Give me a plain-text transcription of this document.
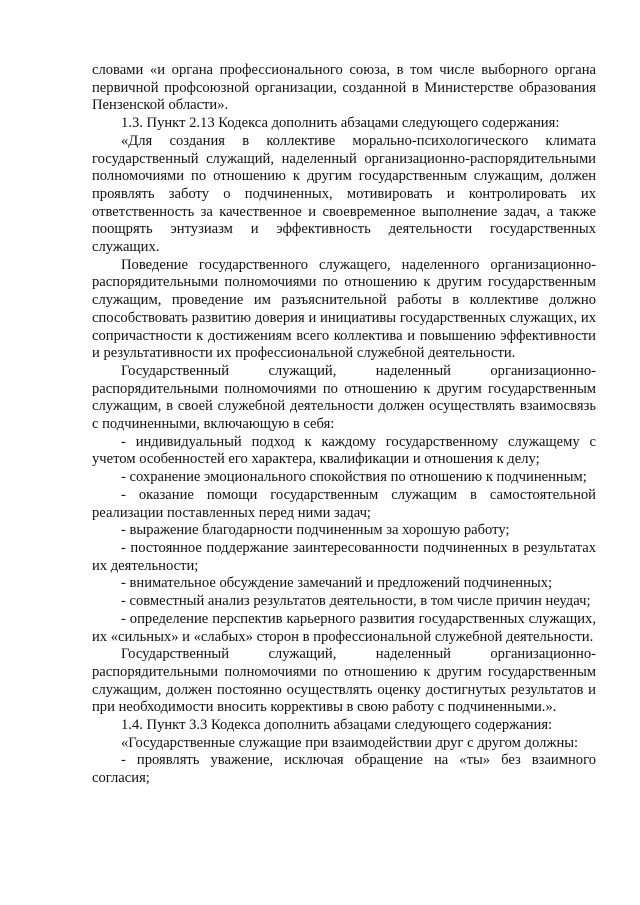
словами «и органа профессионального союза, в том числе выборного органа первичной профсоюзной организации, созданной в Министерстве образования Пензенской области».

1.3. Пункт 2.13 Кодекса дополнить абзацами следующего содержания:

«Для создания в коллективе морально-психологического климата государственный служащий, наделенный организационно-распорядительными полномочиями по отношению к другим государственным служащим, должен проявлять заботу о подчиненных, мотивировать и контролировать их ответственность за качественное и своевременное выполнение задач, а также поощрять энтузиазм и эффективность деятельности государственных служащих.

Поведение государственного служащего, наделенного организационно-распорядительными полномочиями по отношению к другим государственным служащим, проведение им разъяснительной работы в коллективе должно способствовать развитию доверия и инициативы государственных служащих, их сопричастности к достижениям всего коллектива и повышению эффективности и результативности их профессиональной служебной деятельности.

Государственный служащий, наделенный организационно-распорядительными полномочиями по отношению к другим государственным служащим, в своей служебной деятельности должен осуществлять взаимосвязь с подчиненными, включающую в себя:

- индивидуальный подход к каждому государственному служащему с учетом особенностей его характера, квалификации и отношения к делу;

- сохранение эмоционального спокойствия по отношению к подчиненным;

- оказание помощи государственным служащим в самостоятельной реализации поставленных перед ними задач;

- выражение благодарности подчиненным за хорошую работу;

- постоянное поддержание заинтересованности подчиненных в результатах их деятельности;

- внимательное обсуждение замечаний и предложений подчиненных;

- совместный анализ результатов деятельности, в том числе причин неудач;

- определение перспектив карьерного развития государственных служащих, их «сильных» и «слабых» сторон в профессиональной служебной деятельности.

Государственный служащий, наделенный организационно-распорядительными полномочиями по отношению к другим государственным служащим, должен постоянно осуществлять оценку достигнутых результатов и при необходимости вносить коррективы в свою работу с подчиненными.».

1.4. Пункт 3.3 Кодекса дополнить абзацами следующего содержания:

«Государственные служащие при взаимодействии друг с другом должны:

- проявлять уважение, исключая обращение на «ты» без взаимного согласия;
